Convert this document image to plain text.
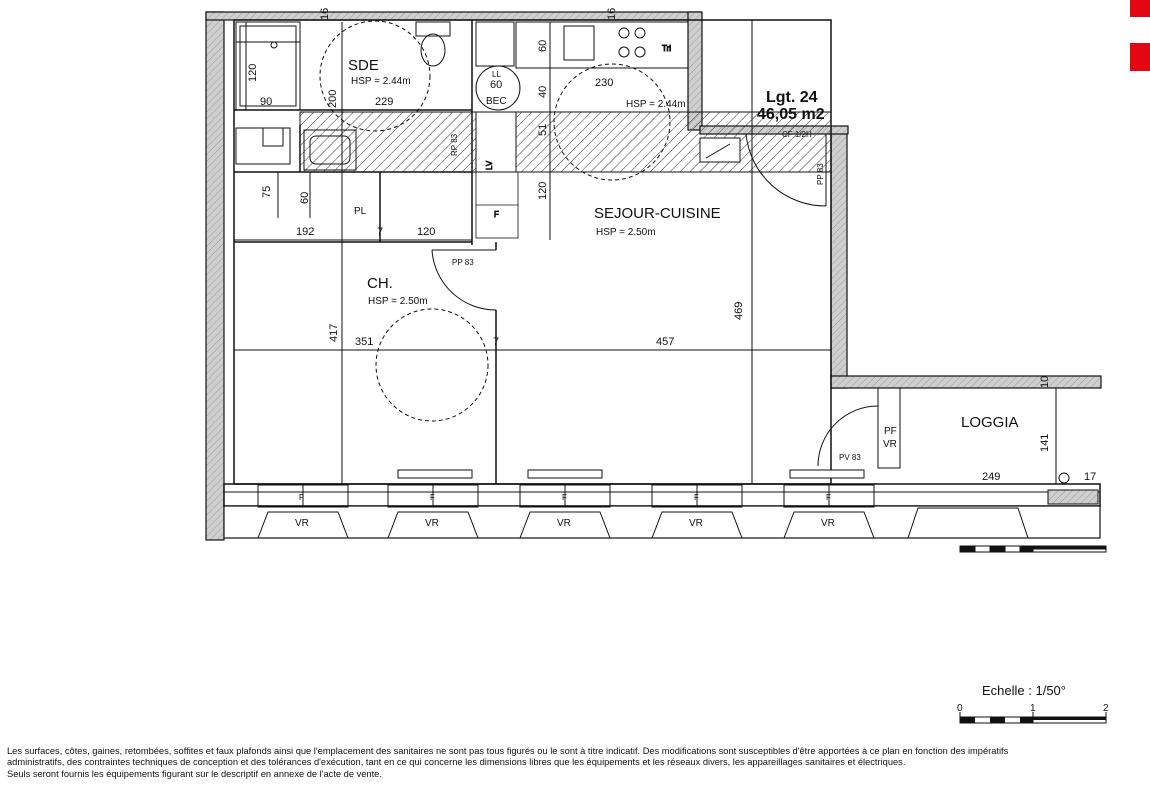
LL
BEC
Tri
LV
F
PP 83
RP 83
PP 83
CF 1/2H
PV 83
PF
VR
F	F	F	F	F
VR	VR	VR	VR	VR
16	16
120
90	200	229
60
60
230
40
51
120
75 60
PL
192	7	120
417 351	7	457
469
10
141
249	17
SDE
HSP = 2.44m
HSP = 2.44m
SEJOUR-CUISINE
HSP = 2.50m
CH.
HSP = 2.50m
LOGGIA
Lgt. 24
46,05 m2
Echelle : 1/50°
0	1	2
Les surfaces, côtes, gaines, retombées, soffites et faux plafonds ainsi que l'emplacement des sanitaires ne sont pas tous figurés ou le sont à titre indicatif. Des modifications sont susceptibles d'être apportées à ce plan en fonction des impératifs
administratifs, des contraintes techniques de conception et des tolérances d'exécution, tant en ce qui concerne les dimensions libres que les équipements et les réseaux divers, les appareillages sanitaires et électriques.
Seuls seront fournis les équipements figurant sur le descriptif en annexe de l'acte de vente.
